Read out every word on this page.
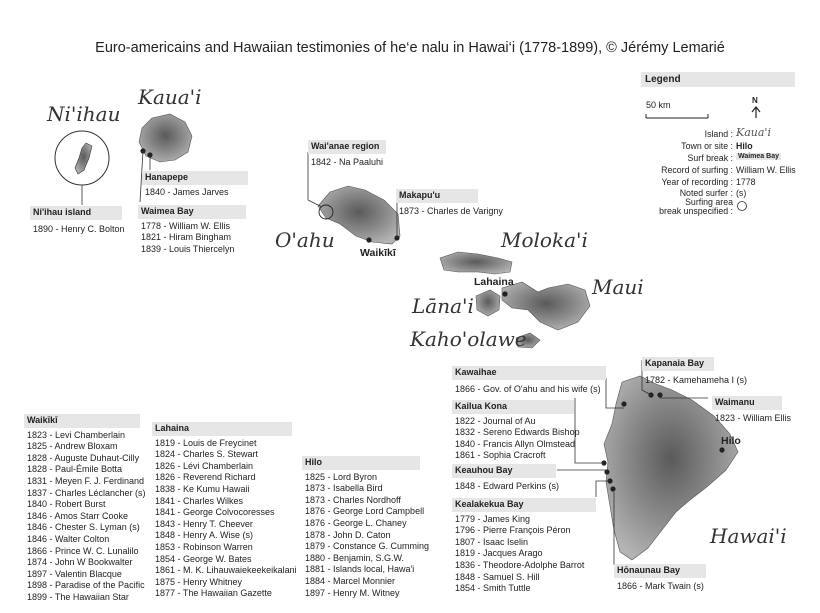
Euro-americains and Hawaiian testimonies of he‘e nalu in Hawai‘i (1778-1899), © Jérémy Lemarié
Ni'ihau
Kaua'i
O'ahu	Moloka'i
Maui
Lāna'i
Kaho'olawe
Hawai'i
Waikīkī
Lahaina
Hilo
Legend
50 km	N
Island : Kaua'i
Town or site : Hilo
Surf break : Waimea Bay
Record of surfing : William W. Ellis
Year of recording : 1778
Noted surfer : (s)
Surfing area
break unspecified :
Ni'ihau island
1890 - Henry C. Bolton
Hanapepe
1840 - James Jarves
Waimea Bay
1778 - William W. Ellis
1821 - Hiram Bingham
1839 - Louis Thiercelyn
Wai'anae region
1842 - Na Paaluhi
Makapu'u
1873 - Charles de Varigny
Kawaihae
1866 - Gov. of O'ahu and his wife (s)
Kapanaia Bay
1782 - Kamehameha I (s)
Waimanu
1823 - William Ellis
Kailua Kona
1822 - Journal of Au
1832 - Sereno Edwards Bishop
1840 - Francis Allyn Olmstead
1861 - Sophia Cracroft
Keauhou Bay
1848 - Edward Perkins (s)
Kealakekua Bay
1779 - James King
1796 - Pierre François Péron
1807 - Isaac Iselin
1819 - Jacques Arago
1836 - Theodore-Adolphe Barrot
1848 - Samuel S. Hill
1854 - Smith Tuttle
Hōnaunau Bay
1866 - Mark Twain (s)
Waikīkī
1823 - Levi Chamberlain
1825 - Andrew Bloxam
1828 - Auguste Duhaut-Cilly
1828 - Paul-Émile Botta
1831 - Meyen F. J. Ferdinand
1837 - Charles Léclancher (s)
1840 - Robert Burst
1846 - Amos Starr Cooke
1846 - Chester S. Lyman (s)
1846 - Walter Colton
1866 - Prince W. C. Lunalilo
1874 - John W Bookwalter
1897 - Valentin Blacque
1898 - Paradise of the Pacific
1899 - The Hawaiian Star
Lahaina
1819 - Louis de Freycinet
1824 - Charles S. Stewart
1826 - Lévi Chamberlain
1826 - Reverend Richard
1838 - Ke Kumu Hawaii
1841 - Charles Wilkes
1841 - George Colvocoresses
1843 - Henry T. Cheever
1848 - Henry A. Wise (s)
1853 - Robinson Warren
1854 - George W. Bates
1861 - M. K. Lihauwaiekeekeikalani
1875 - Henry Whitney
1877 - The Hawaiian Gazette
Hilo
1825 - Lord Byron
1873 - Isabella Bird
1873 - Charles Nordhoff
1876 - George Lord Campbell
1876 - George L. Chaney
1878 - John D. Caton
1879 - Constance G. Cumming
1880 - Benjamin, S.G.W.
1881 - Islands local, Hawa'i
1884 - Marcel Monnier
1897 - Henry M. Witney
